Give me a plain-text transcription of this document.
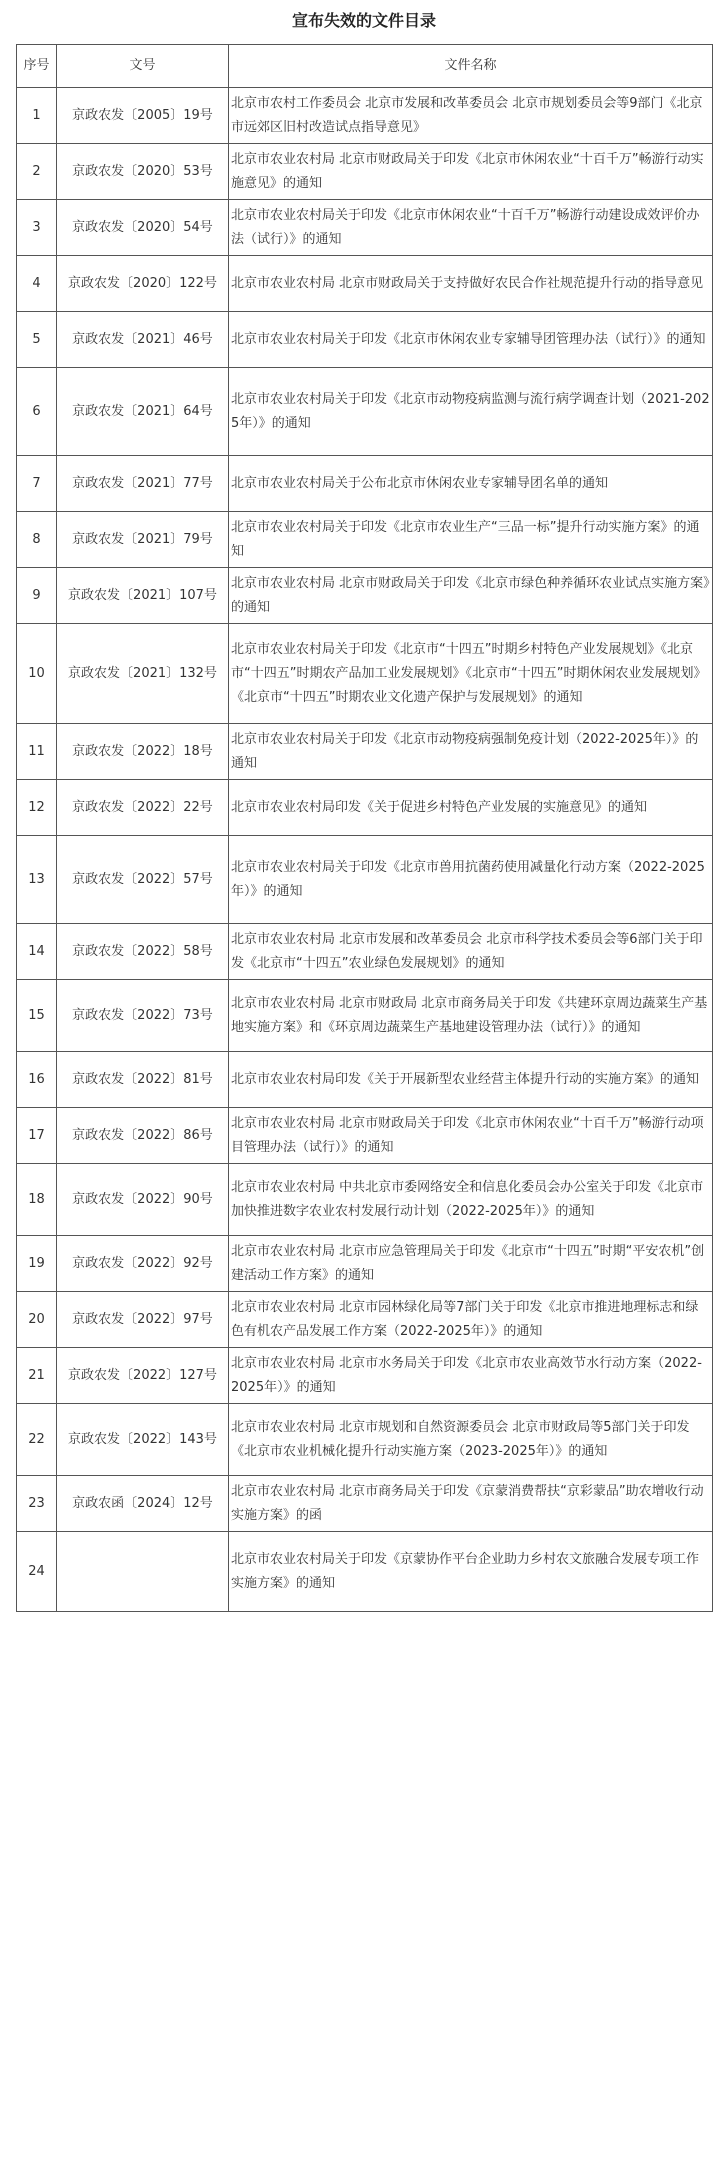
宣布失效的文件目录
序号	文号	文件名称
1	京政农发〔2005〕19号	北京市农村工作委员会 北京市发展和改革委员会 北京市规划委员会等9部门《北京市远郊区旧村改造试点指导意见》
2	京政农发〔2020〕53号	北京市农业农村局 北京市财政局关于印发《北京市休闲农业“十百千万”畅游行动实施意见》的通知
3	京政农发〔2020〕54号	北京市农业农村局关于印发《北京市休闲农业“十百千万”畅游行动建设成效评价办法（试行）》的通知
4	京政农发〔2020〕122号	北京市农业农村局 北京市财政局关于支持做好农民合作社规范提升行动的指导意见
5	京政农发〔2021〕46号	北京市农业农村局关于印发《北京市休闲农业专家辅导团管理办法（试行）》的通知
6	京政农发〔2021〕64号	北京市农业农村局关于印发《北京市动物疫病监测与流行病学调查计划（2021-2025年）》的通知
7	京政农发〔2021〕77号	北京市农业农村局关于公布北京市休闲农业专家辅导团名单的通知
8	京政农发〔2021〕79号	北京市农业农村局关于印发《北京市农业生产“三品一标”提升行动实施方案》的通知
9	京政农发〔2021〕107号	北京市农业农村局 北京市财政局关于印发《北京市绿色种养循环农业试点实施方案》的通知
10	京政农发〔2021〕132号	北京市农业农村局关于印发《北京市“十四五”时期乡村特色产业发展规划》《北京市“十四五”时期农产品加工业发展规划》《北京市“十四五”时期休闲农业发展规划》《北京市“十四五”时期农业文化遗产保护与发展规划》的通知
11	京政农发〔2022〕18号	北京市农业农村局关于印发《北京市动物疫病强制免疫计划（2022-2025年）》的通知
12	京政农发〔2022〕22号	北京市农业农村局印发《关于促进乡村特色产业发展的实施意见》的通知
13	京政农发〔2022〕57号	北京市农业农村局关于印发《北京市兽用抗菌药使用减量化行动方案（2022-2025年）》的通知
14	京政农发〔2022〕58号	北京市农业农村局 北京市发展和改革委员会 北京市科学技术委员会等6部门关于印发《北京市“十四五”农业绿色发展规划》的通知
15	京政农发〔2022〕73号	北京市农业农村局 北京市财政局 北京市商务局关于印发《共建环京周边蔬菜生产基地实施方案》和《环京周边蔬菜生产基地建设管理办法（试行）》的通知
16	京政农发〔2022〕81号	北京市农业农村局印发《关于开展新型农业经营主体提升行动的实施方案》的通知
17	京政农发〔2022〕86号	北京市农业农村局 北京市财政局关于印发《北京市休闲农业“十百千万”畅游行动项目管理办法（试行）》的通知
18	京政农发〔2022〕90号	北京市农业农村局 中共北京市委网络安全和信息化委员会办公室关于印发《北京市加快推进数字农业农村发展行动计划（2022-2025年）》的通知
19	京政农发〔2022〕92号	北京市农业农村局 北京市应急管理局关于印发《北京市“十四五”时期“平安农机”创建活动工作方案》的通知
20	京政农发〔2022〕97号	北京市农业农村局 北京市园林绿化局等7部门关于印发《北京市推进地理标志和绿色有机农产品发展工作方案（2022-2025年）》的通知
21	京政农发〔2022〕127号	北京市农业农村局 北京市水务局关于印发《北京市农业高效节水行动方案（2022-2025年）》的通知
22	京政农发〔2022〕143号	北京市农业农村局 北京市规划和自然资源委员会 北京市财政局等5部门关于印发《北京市农业机械化提升行动实施方案（2023-2025年）》的通知
23	京政农函〔2024〕12号	北京市农业农村局 北京市商务局关于印发《京蒙消费帮扶“京彩蒙品”助农增收行动实施方案》的函
24		北京市农业农村局关于印发《京蒙协作平台企业助力乡村农文旅融合发展专项工作实施方案》的通知
